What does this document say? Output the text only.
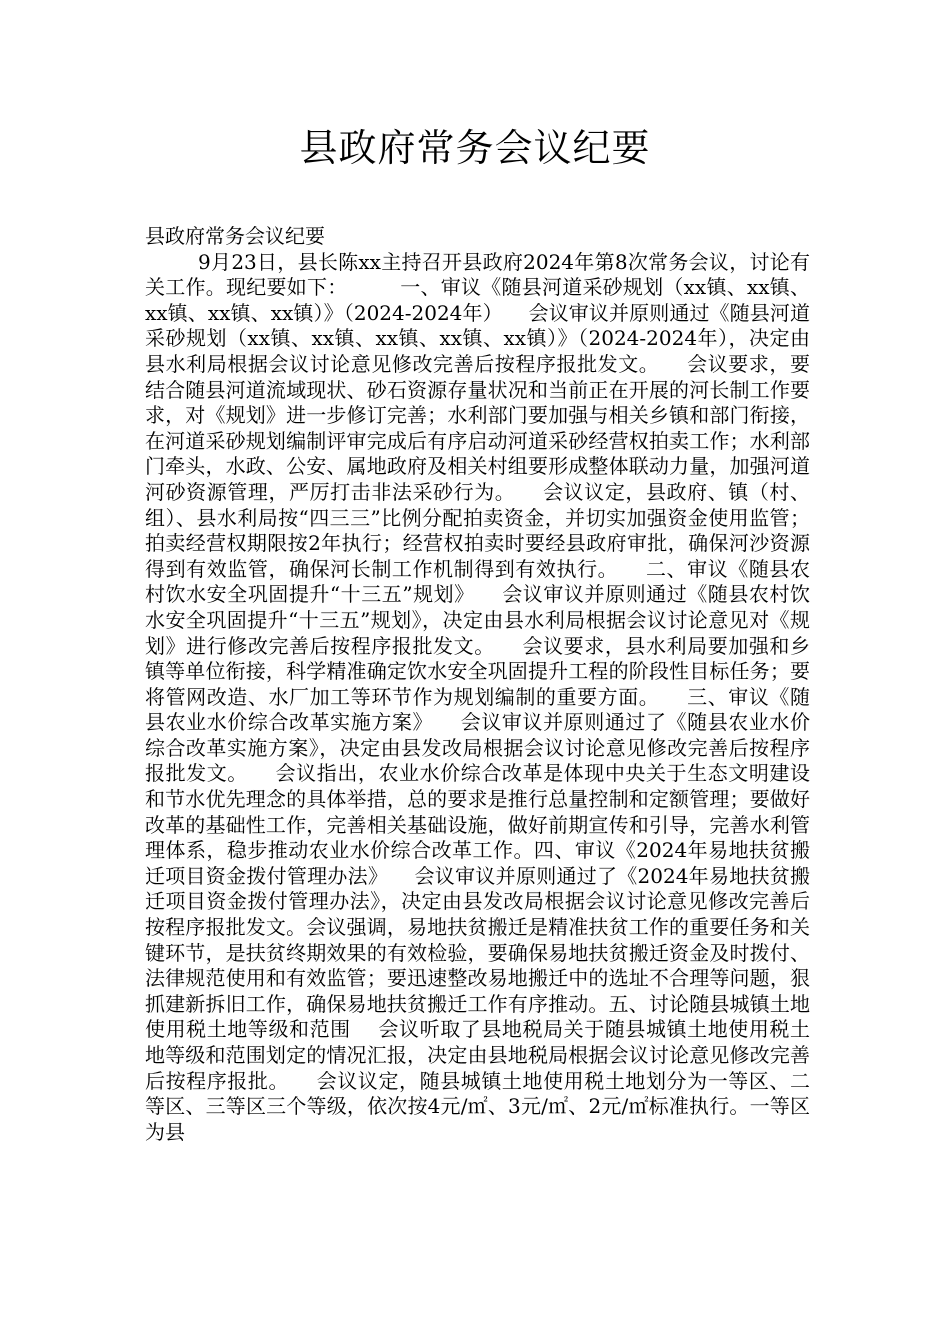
县政府常务会议纪要

县政府常务会议纪要

9月23日，县长陈xx主持召开县政府2024年第8次常务会议，讨论有关工作。现纪要如下：        一、审议《随县河道采砂规划（xx镇、xx镇、xx镇、xx镇、xx镇）》（2024-2024年）    会议审议并原则通过《随县河道采砂规划（xx镇、xx镇、xx镇、xx镇、xx镇）》（2024-2024年），决定由县水利局根据会议讨论意见修改完善后按程序报批发文。    会议要求，要结合随县河道流域现状、砂石资源存量状况和当前正在开展的河长制工作要求，对《规划》进一步修订完善；水利部门要加强与相关乡镇和部门衔接，在河道采砂规划编制评审完成后有序启动河道采砂经营权拍卖工作；水利部门牵头，水政、公安、属地政府及相关村组要形成整体联动力量，加强河道河砂资源管理，严厉打击非法采砂行为。    会议议定，县政府、镇（村、组）、县水利局按“四三三”比例分配拍卖资金，并切实加强资金使用监管；拍卖经营权期限按2年执行；经营权拍卖时要经县政府审批，确保河沙资源得到有效监管，确保河长制工作机制得到有效执行。    二、审议《随县农村饮水安全巩固提升“十三五”规划》    会议审议并原则通过《随县农村饮水安全巩固提升“十三五”规划》，决定由县水利局根据会议讨论意见对《规划》进行修改完善后按程序报批发文。    会议要求，县水利局要加强和乡镇等单位衔接，科学精准确定饮水安全巩固提升工程的阶段性目标任务；要将管网改造、水厂加工等环节作为规划编制的重要方面。    三、审议《随县农业水价综合改革实施方案》    会议审议并原则通过了《随县农业水价综合改革实施方案》，决定由县发改局根据会议讨论意见修改完善后按程序报批发文。    会议指出，农业水价综合改革是体现中央关于生态文明建设和节水优先理念的具体举措，总的要求是推行总量控制和定额管理；要做好改革的基础性工作，完善相关基础设施，做好前期宣传和引导，完善水利管理体系，稳步推动农业水价综合改革工作。四、审议《2024年易地扶贫搬迁项目资金拨付管理办法》    会议审议并原则通过了《2024年易地扶贫搬迁项目资金拨付管理办法》，决定由县发改局根据会议讨论意见修改完善后按程序报批发文。会议强调，易地扶贫搬迁是精准扶贫工作的重要任务和关键环节，是扶贫终期效果的有效检验，要确保易地扶贫搬迁资金及时拨付、法律规范使用和有效监管；要迅速整改易地搬迁中的选址不合理等问题，狠抓建新拆旧工作，确保易地扶贫搬迁工作有序推动。五、讨论随县城镇土地使用税土地等级和范围    会议听取了县地税局关于随县城镇土地使用税土地等级和范围划定的情况汇报，决定由县地税局根据会议讨论意见修改完善后按程序报批。    会议议定，随县城镇土地使用税土地划分为一等区、二等区、三等区三个等级，依次按4元/㎡、3元/㎡、2元/㎡标准执行。一等区为县
